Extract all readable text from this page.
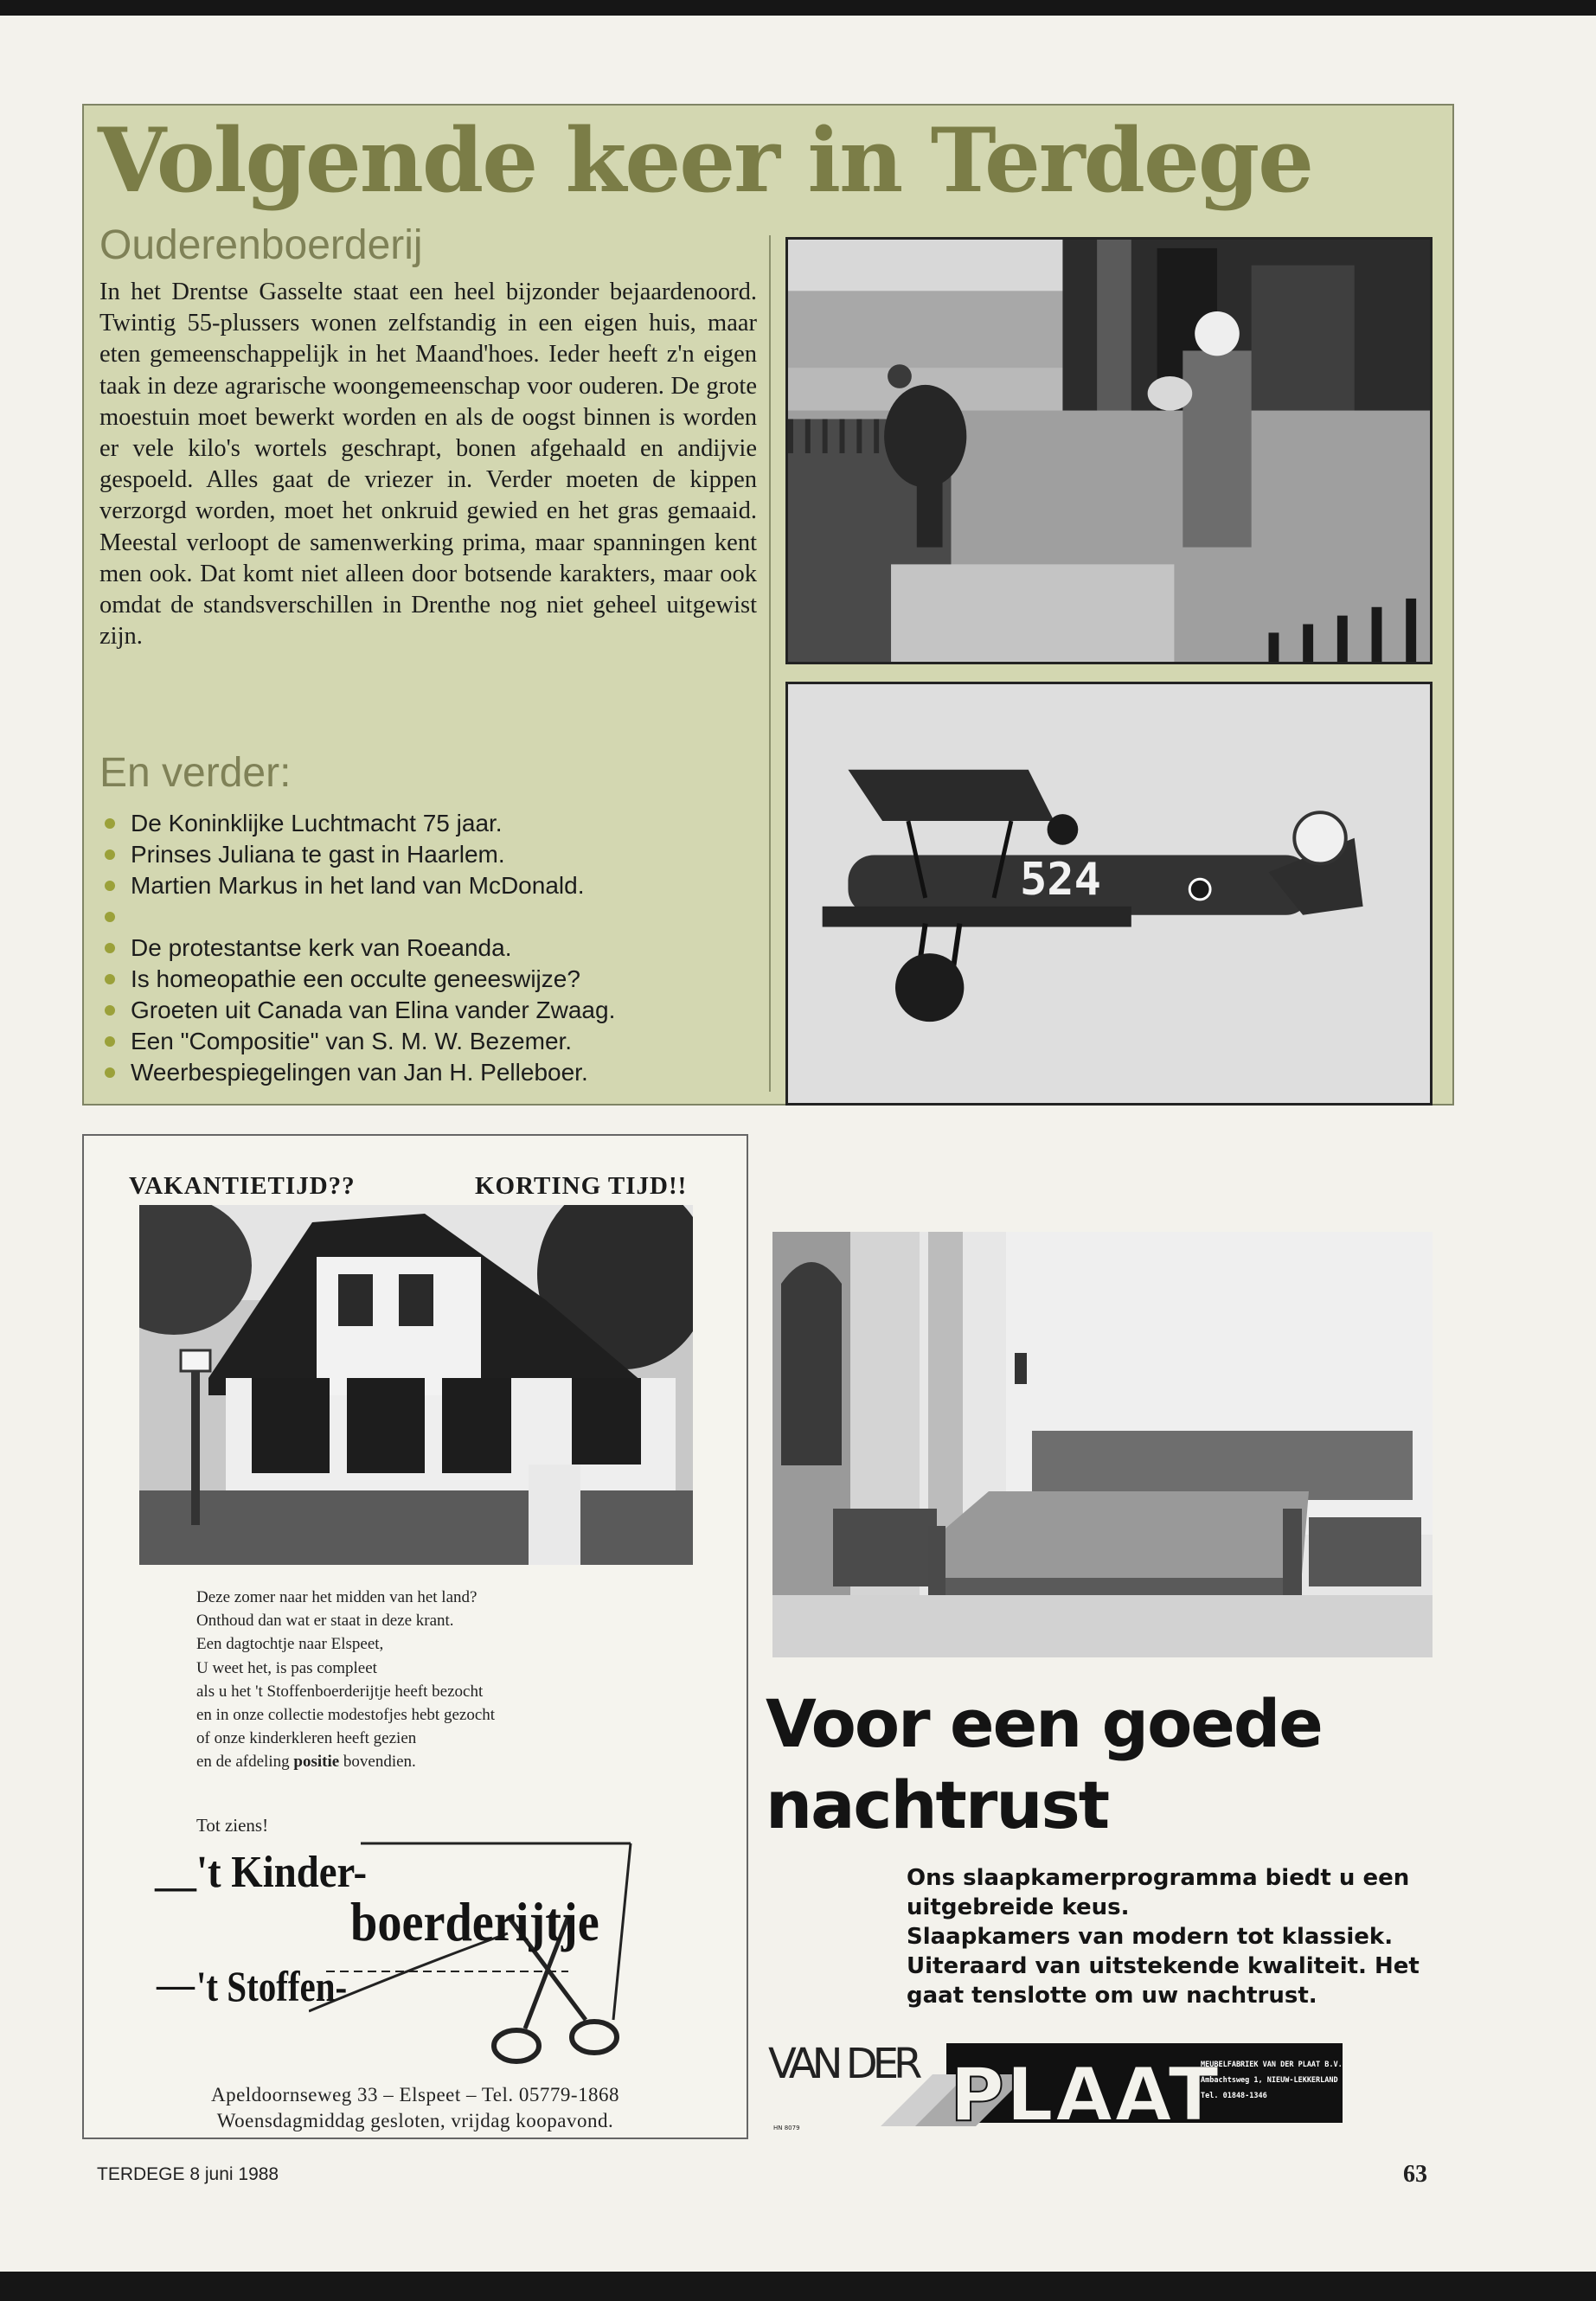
Volgende keer in Terdege
Ouderenboerderij

In het Drentse Gasselte staat een heel bijzonder bejaardenoord. Twintig 55-plussers wonen zelfstandig in een eigen huis, maar eten gemeenschappelijk in het Maand'hoes. Ieder heeft z'n eigen taak in deze agrarische woongemeenschap voor ouderen. De grote moestuin moet bewerkt worden en als de oogst binnen is worden er vele kilo's wortels geschrapt, bonen afgehaald en andijvie gespoeld. Alles gaat de vriezer in. Verder moeten de kippen verzorgd worden, moet het onkruid gewied en het gras gemaaid. Meestal verloopt de samenwerking prima, maar spanningen kent men ook. Dat komt niet alleen door botsende karakters, maar ook omdat de standsverschillen in Drenthe nog niet geheel uitgewist zijn.

En verder:
De Koninklijke Luchtmacht 75 jaar.
Prinses Juliana te gast in Haarlem.
Martien Markus in het land van McDonald.
De protestantse kerk van Roeanda.
Is homeopathie een occulte geneeswijze?
Groeten uit Canada van Elina vander Zwaag.
Een "Compositie" van S. M. W. Bezemer.
Weerbespiegelingen van Jan H. Pelleboer.
524

VAKANTIETIJD??	KORTING TIJD!!

Deze zomer naar het midden van het land?
Onthoud dan wat er staat in deze krant.
Een dagtochtje naar Elspeet,
U weet het, is pas compleet
als u het 't Stoffenboerderijtje heeft bezocht
en in onze collectie modestofjes hebt gezocht
of onze kinderkleren heeft gezien
en de afdeling positie bovendien.

Tot ziens!

— 't Kinder-

boerderijtje

— 't Stoffen-

Apeldoornseweg 33 – Elspeet – Tel. 05779-1868

Woensdagmiddag gesloten, vrijdag koopavond.

Voor een goede nachtrust

Ons slaapkamerprogramma biedt u een uitgebreide keus.

Slaapkamers van modern tot klassiek.

Uiteraard van uitstekende kwaliteit. Het gaat tenslotte om uw nachtrust.

VAN DER PLAAT

MEUBELFABRIEK VAN DER PLAAT B.V.
Ambachtsweg 1, NIEUW-LEKKERLAND
Tel. 01848-1346

HN 8079

TERDEGE 8 juni 1988	63
